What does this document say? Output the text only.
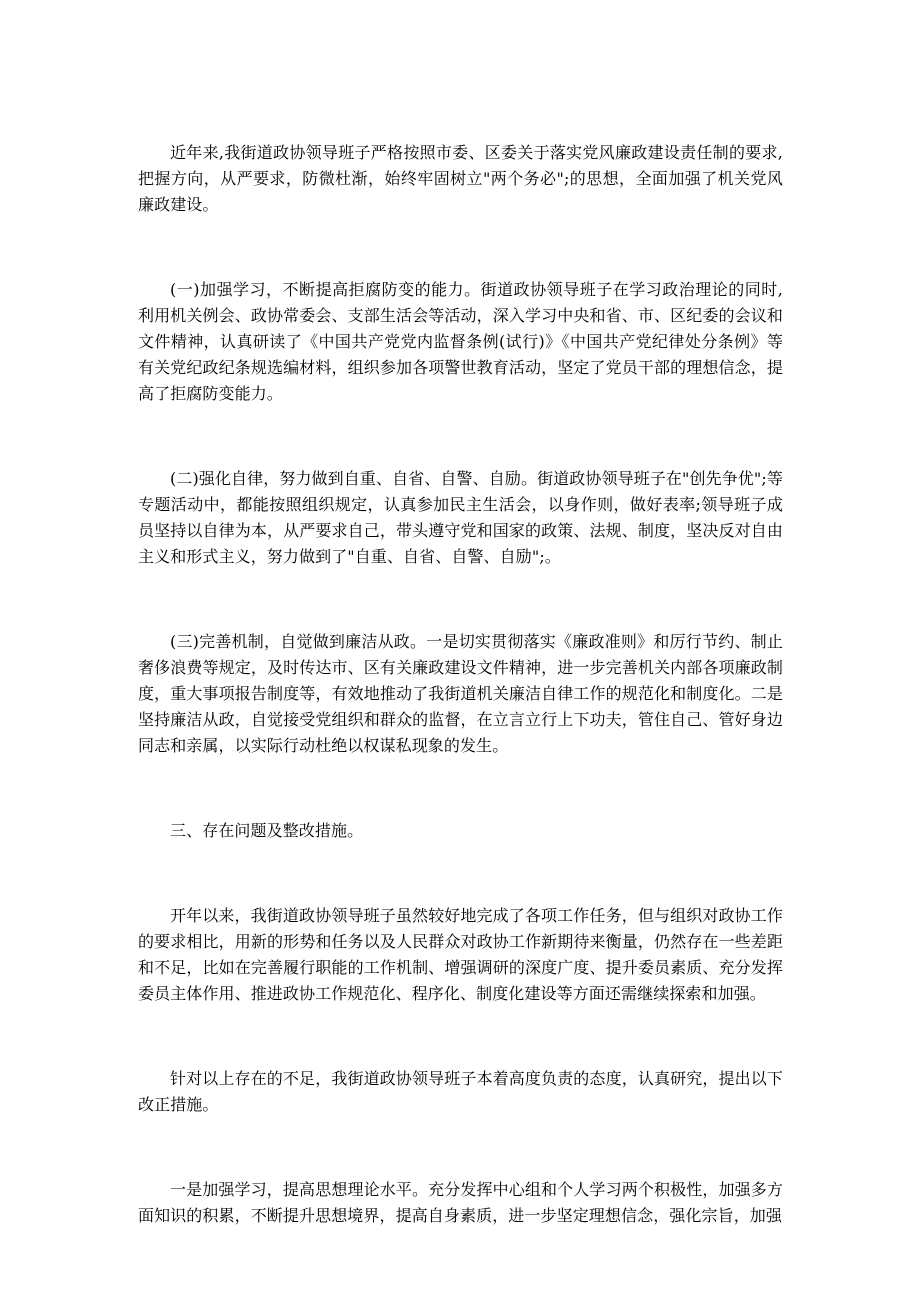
近年来,我街道政协领导班子严格按照市委、区委关于落实党风廉政建设责任制的要求,把握方向，从严要求，防微杜渐，始终牢固树立"两个务必";的思想，全面加强了机关党风廉政建设。

(一)加强学习，不断提高拒腐防变的能力。街道政协领导班子在学习政治理论的同时,利用机关例会、政协常委会、支部生活会等活动，深入学习中央和省、市、区纪委的会议和文件精神，认真研读了《中国共产党党内监督条例(试行)》《中国共产党纪律处分条例》等有关党纪政纪条规选编材料，组织参加各项警世教育活动，坚定了党员干部的理想信念，提高了拒腐防变能力。

(二)强化自律，努力做到自重、自省、自警、自励。街道政协领导班子在"创先争优";等专题活动中，都能按照组织规定，认真参加民主生活会，以身作则，做好表率;领导班子成员坚持以自律为本，从严要求自己，带头遵守党和国家的政策、法规、制度，坚决反对自由主义和形式主义，努力做到了"自重、自省、自警、自励";。

(三)完善机制，自觉做到廉洁从政。一是切实贯彻落实《廉政准则》和厉行节约、制止奢侈浪费等规定，及时传达市、区有关廉政建设文件精神，进一步完善机关内部各项廉政制度，重大事项报告制度等，有效地推动了我街道机关廉洁自律工作的规范化和制度化。二是坚持廉洁从政，自觉接受党组织和群众的监督，在立言立行上下功夫，管住自己、管好身边同志和亲属，以实际行动杜绝以权谋私现象的发生。

三、存在问题及整改措施。

开年以来，我街道政协领导班子虽然较好地完成了各项工作任务，但与组织对政协工作的要求相比，用新的形势和任务以及人民群众对政协工作新期待来衡量，仍然存在一些差距和不足，比如在完善履行职能的工作机制、增强调研的深度广度、提升委员素质、充分发挥委员主体作用、推进政协工作规范化、程序化、制度化建设等方面还需继续探索和加强。

针对以上存在的不足，我街道政协领导班子本着高度负责的态度，认真研究，提出以下改正措施。

一是加强学习，提高思想理论水平。充分发挥中心组和个人学习两个积极性，加强多方面知识的积累，不断提升思想境界，提高自身素质，进一步坚定理想信念，强化宗旨，加强
